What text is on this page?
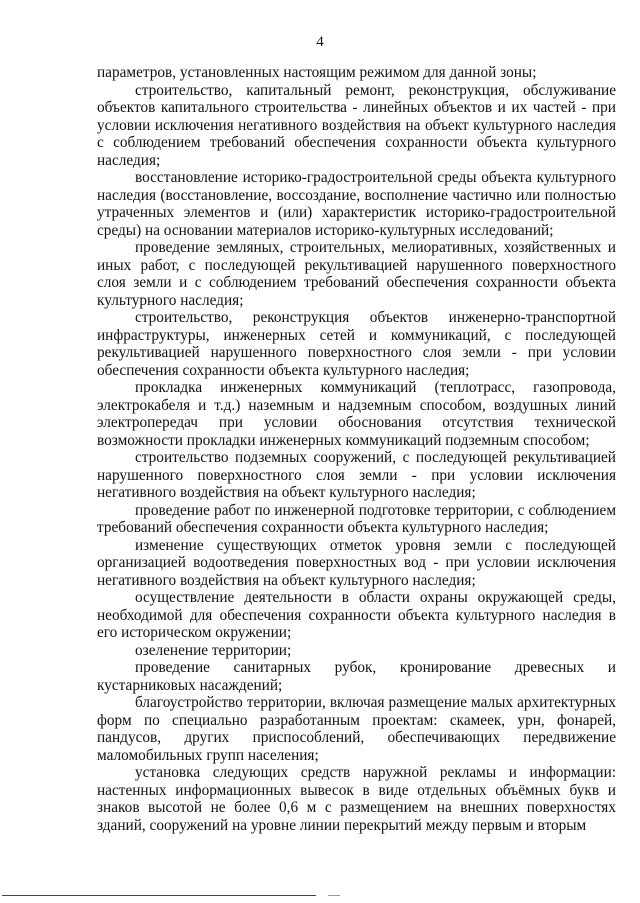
4

параметров, установленных настоящим режимом для данной зоны;

строительство, капитальный ремонт, реконструкция, обслуживание объектов капитального строительства - линейных объектов и их частей - при условии исключения негативного воздействия на объект культурного наследия с соблюдением требований обеспечения сохранности объекта культурного наследия;

восстановление историко-градостроительной среды объекта культурного наследия (восстановление, воссоздание, восполнение частично или полностью утраченных элементов и (или) характеристик историко-градостроительной среды) на основании материалов историко-культурных исследований;

проведение земляных, строительных, мелиоративных, хозяйственных и иных работ, с последующей рекультивацией нарушенного поверхностного слоя земли и с соблюдением требований обеспечения сохранности объекта культурного наследия;

строительство, реконструкция объектов инженерно-транспортной инфраструктуры, инженерных сетей и коммуникаций, с последующей рекультивацией нарушенного поверхностного слоя земли - при условии обеспечения сохранности объекта культурного наследия;

прокладка инженерных коммуникаций (теплотрасс, газопровода, электрокабеля и т.д.) наземным и надземным способом, воздушных линий электропередач при условии обоснования отсутствия технической возможности прокладки инженерных коммуникаций подземным способом;

строительство подземных сооружений, с последующей рекультивацией нарушенного поверхностного слоя земли - при условии исключения негативного воздействия на объект культурного наследия;

проведение работ по инженерной подготовке территории, с соблюдением требований обеспечения сохранности объекта культурного наследия;

изменение существующих отметок уровня земли с последующей организацией водоотведения поверхностных вод - при условии исключения негативного воздействия на объект культурного наследия;

осуществление деятельности в области охраны окружающей среды, необходимой для обеспечения сохранности объекта культурного наследия в его историческом окружении;

озеленение территории;

проведение санитарных рубок, кронирование древесных и кустарниковых насаждений;

благоустройство территории, включая размещение малых архитектурных форм по специально разработанным проектам: скамеек, урн, фонарей, пандусов, других приспособлений, обеспечивающих передвижение маломобильных групп населения;

установка следующих средств наружной рекламы и информации: настенных информационных вывесок в виде отдельных объёмных букв и знаков высотой не более 0,6 м с размещением на внешних поверхностях зданий, сооружений на уровне линии перекрытий между первым и вторым
